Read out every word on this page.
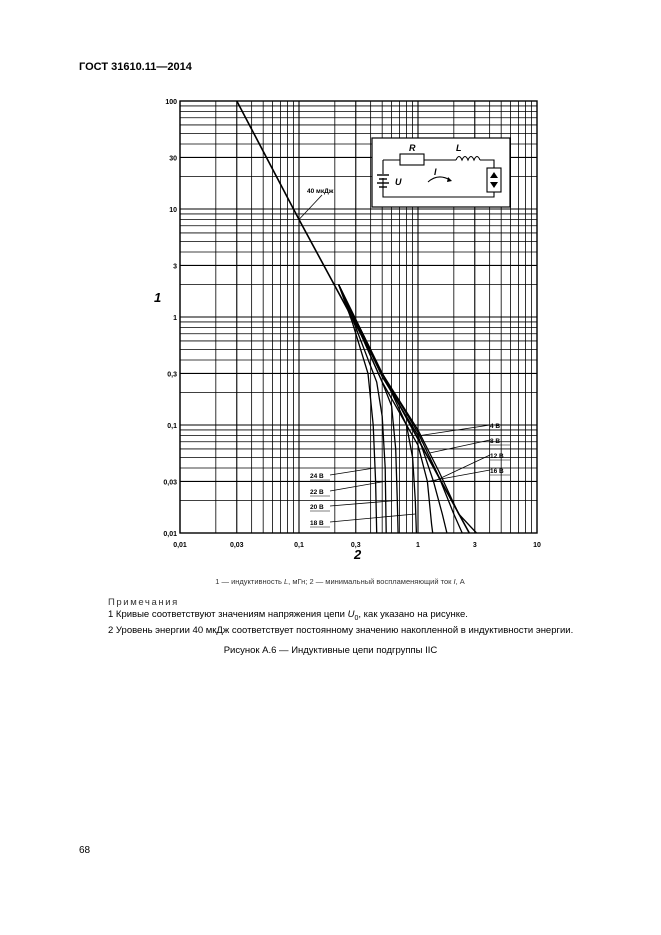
ГОСТ 31610.11—2014
100
30
10
3
1
0,3
0,1
0,03
0,01
0,01	0,03	0,1	0,3	1	3	10
1
2
40 мкДж
4 В
8 В
12 В
16 В
18 В
20 В
22 В
24 В
R	L
U
I
1 — индуктивность L, мГн; 2 — минимальный воспламеняющий ток I, А
Примечания
1 Кривые соответствуют значениям напряжения цепи $U_0$, как указано на рисунке.
2 Уровень энергии 40 мкДж соответствует постоянному значению накопленной в индуктивности энергии.
Рисунок А.6 — Индуктивные цепи подгруппы IIC
68
